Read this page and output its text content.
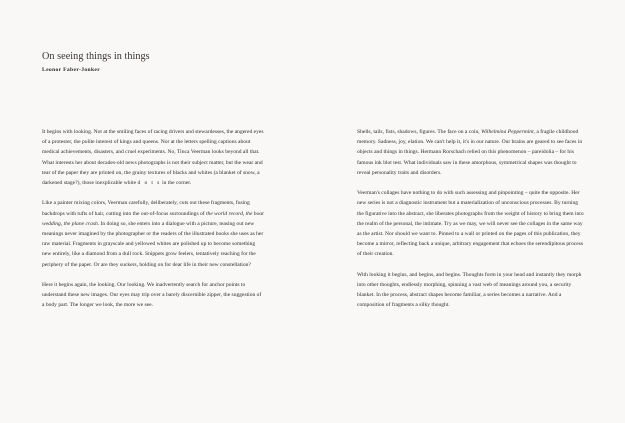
On seeing things in things
Leonor Faber-Jonker

It begins with looking. Not at the smiling faces of racing drivers and stewardesses, the angered eyes of a protester, the polite interest of kings and queens. Nor at the letters spelling captions about medical achievements, disasters, and cruel experiments. No, Tinca Veerman looks beyond all that. What interests her about decades-old news photographs is not their subject matter, but the wear and tear of the paper they are printed on, the grainy textures of blacks and whites (a blanket of snow, a darkened stage?), those inexplicable white d o t s in the corner.

Like a painter mixing colors, Veerman carefully, deliberately, cuts out these fragments, fusing backdrops with tufts of hair, cutting into the out-of-focus surroundings of the world record, the boat wedding, the plane crash. In doing so, she enters into a dialogue with a picture, teasing out new meanings never imagined by the photographer or the readers of the illustrated books she uses as her raw material. Fragments in grayscale and yellowed whites are polished up to become something new entirely, like a diamond from a dull rock. Snippets grow feelers, tentatively reaching for the periphery of the paper. Or are they suckers, holding on for dear life in their new constellation?

Here it begins again, the looking. Our looking. We inadvertently search for anchor points to understand these new images. Our eyes may trip over a barely discernible zipper, the suggestion of a body part. The longer we look, the more we see.

Shells, tails, fists, shadows, figures. The face on a coin, Wilhelmina Peppermint, a fragile childhood memory. Sadness, joy, elation. We can't help it, it's in our nature. Our brains are geared to see faces in objects and things in things. Hermann Rorschach relied on this phenomenon – pareidolia – for his famous ink blot test. What individuals saw in these amorphous, symmetrical shapes was thought to reveal personality traits and disorders.

Veerman's collages have nothing to do with such assessing and pinpointing – quite the opposite. Her new series is not a diagnostic instrument but a materialization of unconscious processes. By turning the figurative into the abstract, she liberates photographs from the weight of history to bring them into the realm of the personal, the intimate. Try as we may, we will never see the collages in the same way as the artist. Nor should we want to. Pinned to a wall or printed on the pages of this publication, they become a mirror, reflecting back a unique, arbitrary engagement that echoes the serendipitous process of their creation.

With looking it begins, and begins, and begins. Thoughts form in your head and instantly they morph into other thoughts, endlessly morphing, spinning a vast web of meanings around you, a security blanket. In the process, abstract shapes become familiar, a series becomes a narrative. And a composition of fragments a silky thought.
